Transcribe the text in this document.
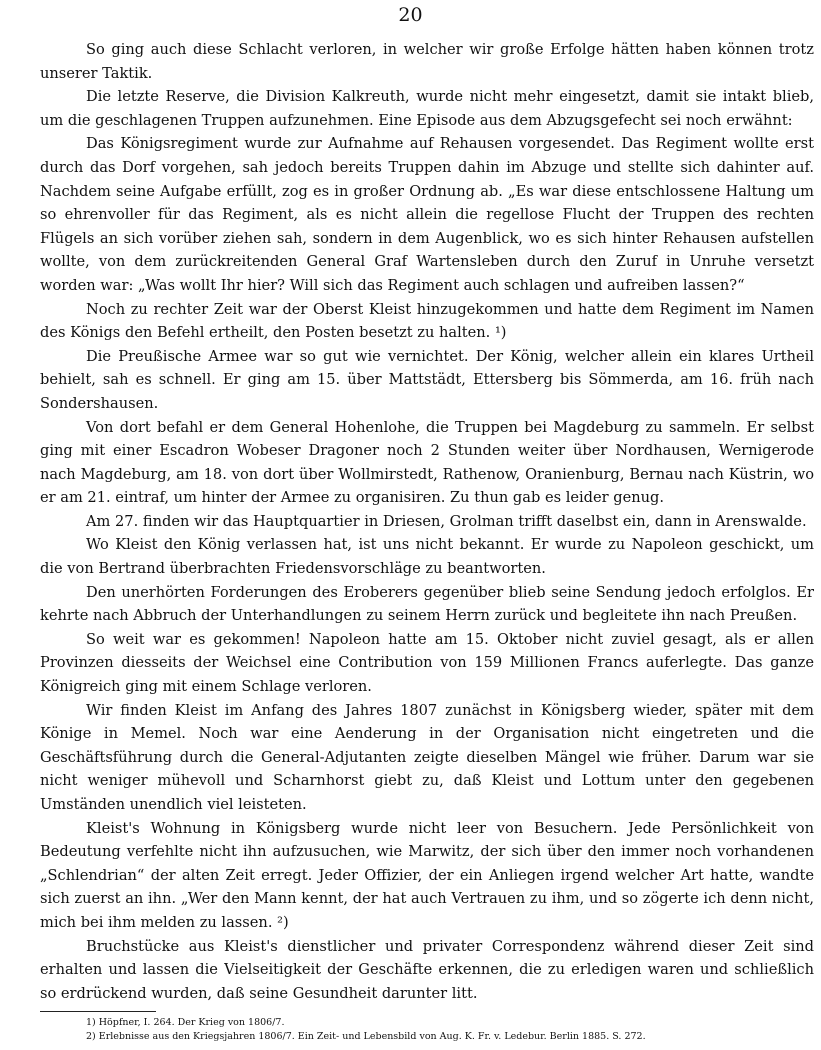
20

So ging auch diese Schlacht verloren, in welcher wir große Erfolge hätten haben können trotz unserer Taktik.

Die letzte Reserve, die Division Kalkreuth, wurde nicht mehr eingesetzt, damit sie intakt blieb, um die geschlagenen Truppen aufzunehmen. Eine Episode aus dem Abzugsgefecht sei noch erwähnt:

Das Königsregiment wurde zur Aufnahme auf Rehausen vorgesendet. Das Regiment wollte erst durch das Dorf vorgehen, sah jedoch bereits Truppen dahin im Abzuge und stellte sich dahinter auf. Nachdem seine Aufgabe erfüllt, zog es in großer Ordnung ab. „Es war diese entschlossene Haltung um so ehrenvoller für das Regiment, als es nicht allein die regellose Flucht der Truppen des rechten Flügels an sich vorüber ziehen sah, sondern in dem Augenblick, wo es sich hinter Rehausen aufstellen wollte, von dem zurückreitenden General Graf Wartensleben durch den Zuruf in Unruhe versetzt worden war: „Was wollt Ihr hier? Will sich das Regiment auch schlagen und aufreiben lassen?“

Noch zu rechter Zeit war der Oberst Kleist hinzugekommen und hatte dem Regiment im Namen des Königs den Befehl ertheilt, den Posten besetzt zu halten. ¹)

Die Preußische Armee war so gut wie vernichtet. Der König, welcher allein ein klares Urtheil behielt, sah es schnell. Er ging am 15. über Mattstädt, Ettersberg bis Sömmerda, am 16. früh nach Sondershausen.

Von dort befahl er dem General Hohenlohe, die Truppen bei Magdeburg zu sammeln. Er selbst ging mit einer Escadron Wobeser Dragoner noch 2 Stunden weiter über Nordhausen, Wernigerode nach Magdeburg, am 18. von dort über Wollmirstedt, Rathenow, Oranienburg, Bernau nach Küstrin, wo er am 21. eintraf, um hinter der Armee zu organisiren. Zu thun gab es leider genug.

Am 27. finden wir das Hauptquartier in Driesen, Grolman trifft daselbst ein, dann in Arenswalde.

Wo Kleist den König verlassen hat, ist uns nicht bekannt. Er wurde zu Napoleon geschickt, um die von Bertrand überbrachten Friedensvorschläge zu beantworten.

Den unerhörten Forderungen des Eroberers gegenüber blieb seine Sendung jedoch erfolglos. Er kehrte nach Abbruch der Unterhandlungen zu seinem Herrn zurück und begleitete ihn nach Preußen.

So weit war es gekommen! Napoleon hatte am 15. Oktober nicht zuviel gesagt, als er allen Provinzen diesseits der Weichsel eine Contribution von 159 Millionen Francs auferlegte. Das ganze Königreich ging mit einem Schlage verloren.

Wir finden Kleist im Anfang des Jahres 1807 zunächst in Königsberg wieder, später mit dem Könige in Memel. Noch war eine Aenderung in der Organisation nicht eingetreten und die Geschäftsführung durch die General-Adjutanten zeigte dieselben Mängel wie früher. Darum war sie nicht weniger mühevoll und Scharnhorst giebt zu, daß Kleist und Lottum unter den gegebenen Umständen unendlich viel leisteten.

Kleist's Wohnung in Königsberg wurde nicht leer von Besuchern. Jede Persönlichkeit von Bedeutung verfehlte nicht ihn aufzusuchen, wie Marwitz, der sich über den immer noch vorhandenen „Schlendrian“ der alten Zeit erregt. Jeder Offizier, der ein Anliegen irgend welcher Art hatte, wandte sich zuerst an ihn. „Wer den Mann kennt, der hat auch Vertrauen zu ihm, und so zögerte ich denn nicht, mich bei ihm melden zu lassen. ²)

Bruchstücke aus Kleist's dienstlicher und privater Correspondenz während dieser Zeit sind erhalten und lassen die Vielseitigkeit der Geschäfte erkennen, die zu erledigen waren und schließlich so erdrückend wurden, daß seine Gesundheit darunter litt.

1) Höpfner, I. 264. Der Krieg von 1806/7.
2) Erlebnisse aus den Kriegsjahren 1806/7. Ein Zeit- und Lebensbild von Aug. K. Fr. v. Ledebur. Berlin 1885. S. 272.
